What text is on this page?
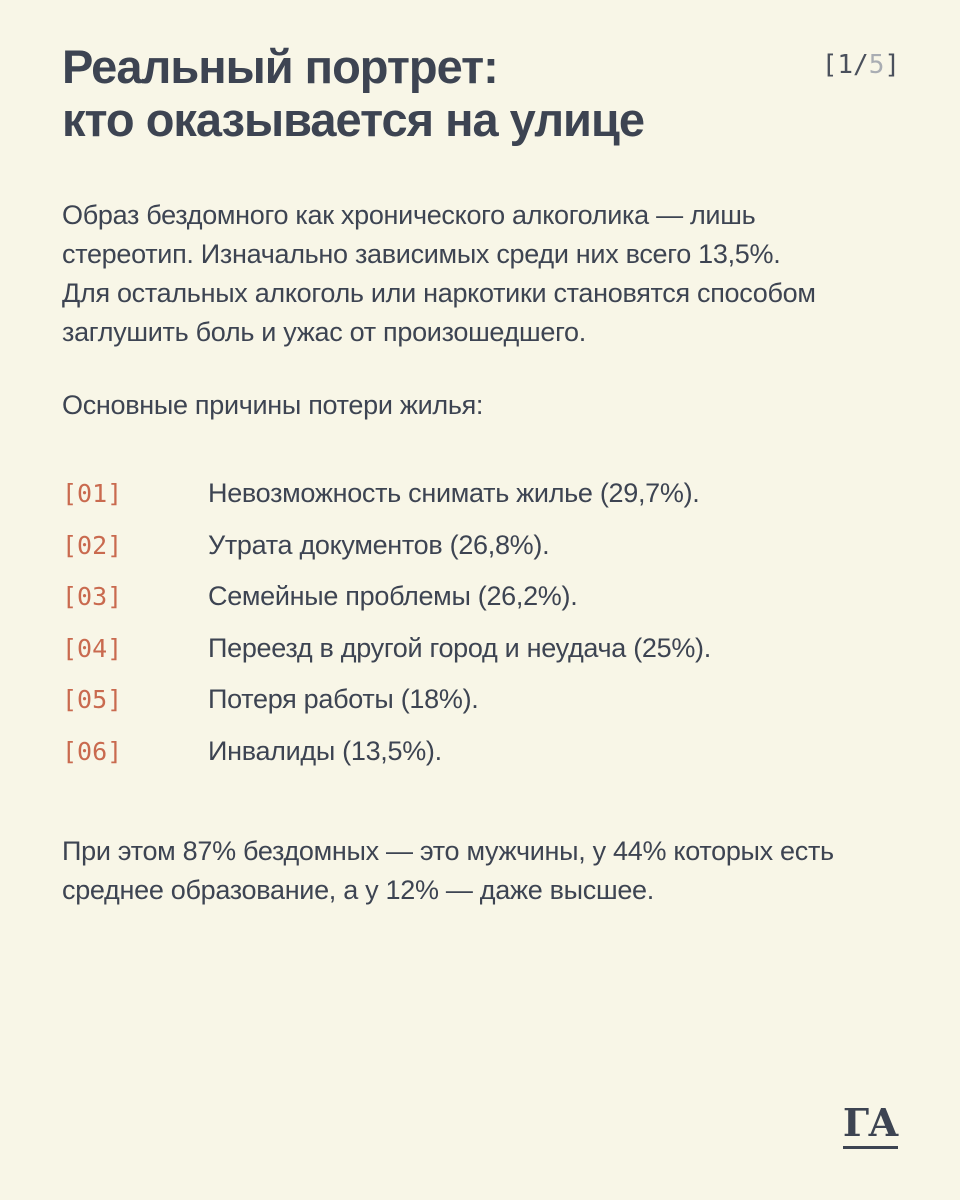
Реальный портрет:
кто оказывается на улице
[1/5]

Образ бездомного как хронического алкоголика — лишь
стереотип. Изначально зависимых среди них всего 13,5%.
Для остальных алкоголь или наркотики становятся способом
заглушить боль и ужас от произошедшего.

Основные причины потери жилья:

[01]	Невозможность снимать жилье (29,7%).
[02]	Утрата документов (26,8%).
[03]	Семейные проблемы (26,2%).
[04]	Переезд в другой город и неудача (25%).
[05]	Потеря работы (18%).
[06]	Инвалиды (13,5%).

При этом 87% бездомных — это мужчины, у 44% которых есть
среднее образование, а у 12% — даже высшее.

ГА
